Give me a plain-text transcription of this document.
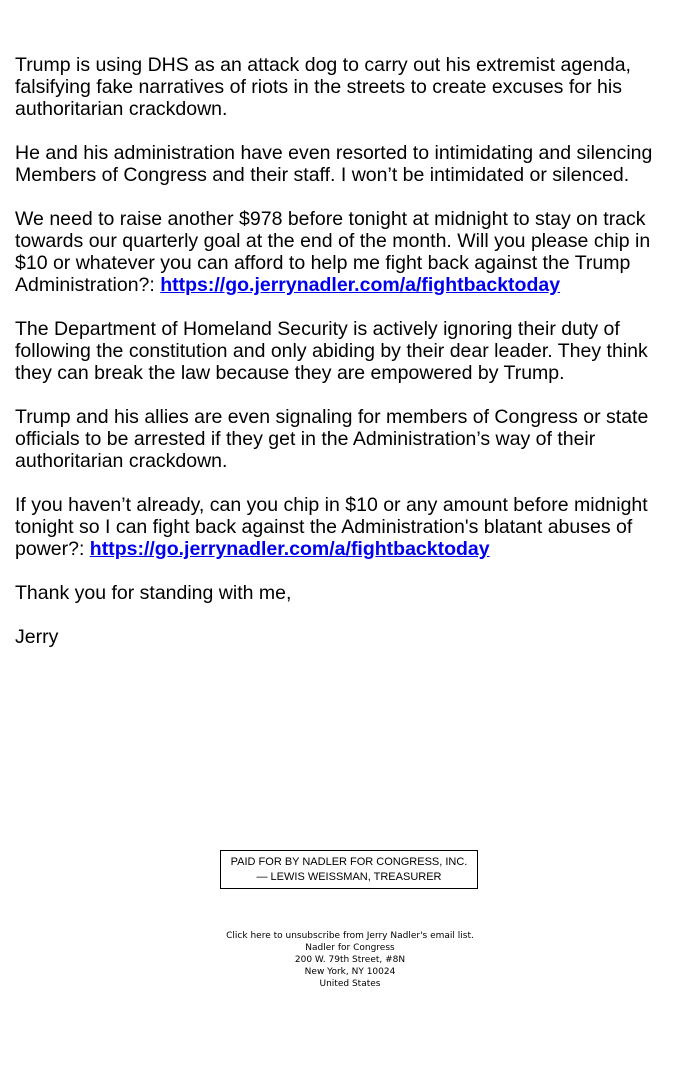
Trump is using DHS as an attack dog to carry out his extremist agenda, falsifying fake narratives of riots in the streets to create excuses for his authoritarian crackdown.

He and his administration have even resorted to intimidating and silencing Members of Congress and their staff. I won’t be intimidated or silenced.

We need to raise another $978 before tonight at midnight to stay on track towards our quarterly goal at the end of the month. Will you please chip in $10 or whatever you can afford to help me fight back against the Trump Administration?: https://go.jerrynadler.com/a/fightbacktoday

The Department of Homeland Security is actively ignoring their duty of following the constitution and only abiding by their dear leader. They think they can break the law because they are empowered by Trump.

Trump and his allies are even signaling for members of Congress or state officials to be arrested if they get in the Administration’s way of their authoritarian crackdown.

If you haven’t already, can you chip in $10 or any amount before midnight tonight so I can fight back against the Administration's blatant abuses of power?: https://go.jerrynadler.com/a/fightbacktoday

Thank you for standing with me,

Jerry

PAID FOR BY NADLER FOR CONGRESS, INC.
— LEWIS WEISSMAN, TREASURER
Click here to unsubscribe from Jerry Nadler's email list.
Nadler for Congress
200 W. 79th Street, #8N
New York, NY 10024
United States
